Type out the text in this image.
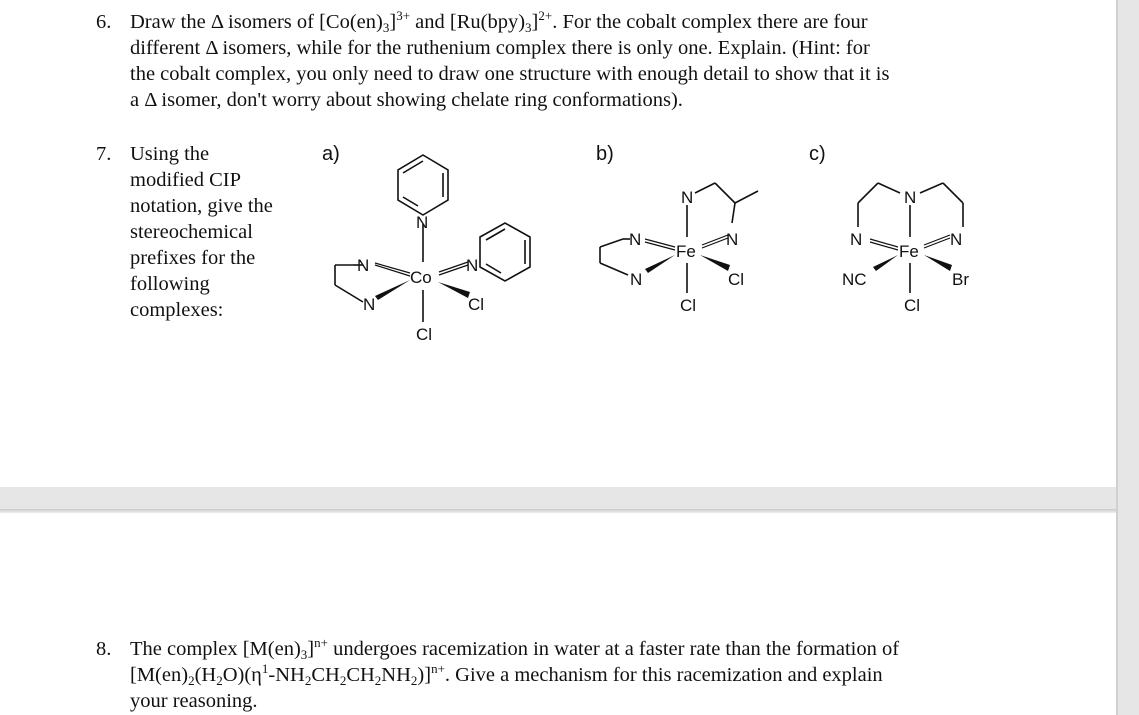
6. Draw the Δ isomers of $[Co(en)_3]^{3+}$ and $[Ru(bpy)_3]^{2+}$. For the cobalt complex there are four
different Δ isomers, while for the ruthenium complex there is only one. Explain. (Hint: for
the cobalt complex, you only need to draw one structure with enough detail to show that it is
a Δ isomer, don't worry about showing chelate ring conformations).
7. Using the
modified CIP
notation, give the
stereochemical
prefixes for the
following
complexes:
a)	b)	c)
N
N
Co
N
N	Cl
Cl
N
N
Fe
N
N	Cl
Cl
N
N
Fe
N
NC	Br
Cl
8. The complex $[M(en)_3]^{n+}$ undergoes racemization in water at a faster rate than the formation of
$[M(en)_2(H_2O)(\eta^1-NH_2CH_2CH_2NH_2)]^{n+}$. Give a mechanism for this racemization and explain
your reasoning.
